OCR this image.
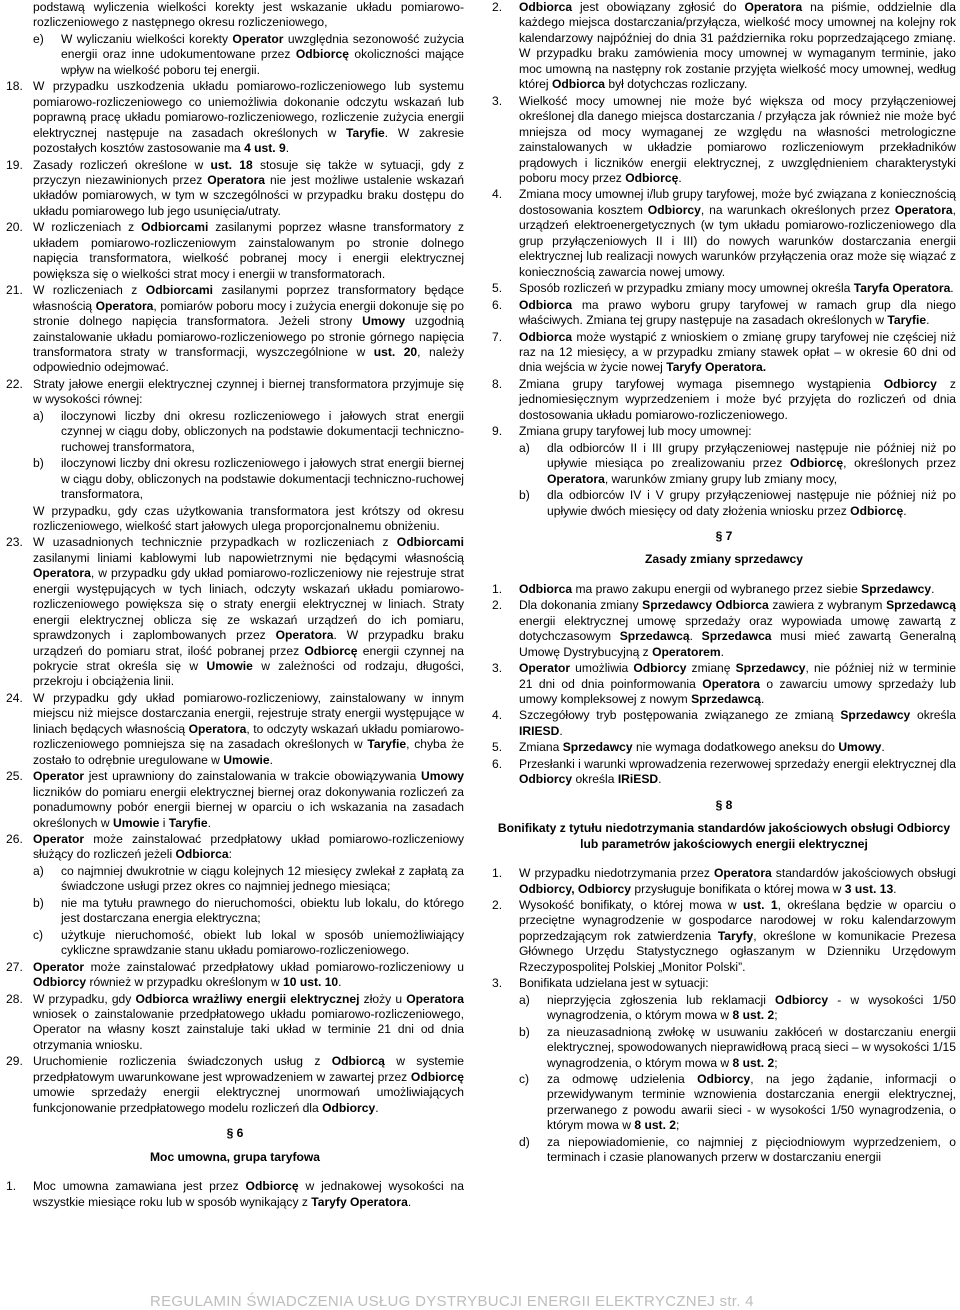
podstawą wyliczenia wielkości korekty jest wskazanie układu pomiarowo-rozliczeniowego z następnego okresu rozliczeniowego,
e)	W wyliczaniu wielkości korekty Operator uwzględnia sezonowość zużycia energii oraz inne udokumentowane przez Odbiorcę okoliczności mające wpływ na wielkość poboru tej energii.
18. W przypadku uszkodzenia układu pomiarowo-rozliczeniowego lub systemu pomiarowo-rozliczeniowego co uniemożliwia dokonanie odczytu wskazań lub poprawną pracę układu pomiarowo-rozliczeniowego, rozliczenie zużycia energii elektrycznej następuje na zasadach określonych w Taryfie. W zakresie pozostałych kosztów zastosowanie ma 4 ust. 9.
19. Zasady rozliczeń określone w ust. 18 stosuje się także w sytuacji, gdy z przyczyn niezawinionych przez Operatora nie jest możliwe ustalenie wskazań układów pomiarowych, w tym w szczególności w przypadku braku dostępu do układu pomiarowego lub jego usunięcia/utraty.
20. W rozliczeniach z Odbiorcami zasilanymi poprzez własne transformatory z układem pomiarowo-rozliczeniowym zainstalowanym po stronie dolnego napięcia transformatora, wielkość pobranej mocy i energii elektrycznej powiększa się o wielkości strat mocy i energii w transformatorach.
21. W rozliczeniach z Odbiorcami zasilanymi poprzez transformatory będące własnością Operatora, pomiarów poboru mocy i zużycia energii dokonuje się po stronie dolnego napięcia transformatora. Jeżeli strony Umowy uzgodnią zainstalowanie układu pomiarowo-rozliczeniowego po stronie górnego napięcia transformatora straty w transformacji, wyszczególnione w ust. 20, należy odpowiednio odejmować.
22. Straty jałowe energii elektrycznej czynnej i biernej transformatora przyjmuje się w wysokości równej:
a)	iloczynowi liczby dni okresu rozliczeniowego i jałowych strat energii czynnej w ciągu doby, obliczonych na podstawie dokumentacji techniczno-ruchowej transformatora,
b)	iloczynowi liczby dni okresu rozliczeniowego i jałowych strat energii biernej w ciągu doby, obliczonych na podstawie dokumentacji techniczno-ruchowej transformatora,
W przypadku, gdy czas użytkowania transformatora jest krótszy od okresu rozliczeniowego, wielkość start jałowych ulega proporcjonalnemu obniżeniu.
23. W uzasadnionych technicznie przypadkach w rozliczeniach z Odbiorcami zasilanymi liniami kablowymi lub napowietrznymi nie będącymi własnością Operatora, w przypadku gdy układ pomiarowo-rozliczeniowy nie rejestruje strat energii występujących w tych liniach, odczyty wskazań układu pomiarowo-rozliczeniowego powiększa się o straty energii elektrycznej w liniach. Straty energii elektrycznej oblicza się ze wskazań urządzeń do ich pomiaru, sprawdzonych i zaplombowanych przez Operatora. W przypadku braku urządzeń do pomiaru strat, ilość pobranej przez Odbiorcę energii czynnej na pokrycie strat określa się w Umowie w zależności od rodzaju, długości, przekroju i obciążenia linii.
24. W przypadku gdy układ pomiarowo-rozliczeniowy, zainstalowany w innym miejscu niż miejsce dostarczania energii, rejestruje straty energii występujące w liniach będących własnością Operatora, to odczyty wskazań układu pomiarowo-rozliczeniowego pomniejsza się na zasadach określonych w Taryfie, chyba że zostało to odrębnie uregulowane w Umowie.
25. Operator jest uprawniony do zainstalowania w trakcie obowiązywania Umowy liczników do pomiaru energii elektrycznej biernej oraz dokonywania rozliczeń za ponadumowny pobór energii biernej w oparciu o ich wskazania na zasadach określonych w Umowie i Taryfie.
26. Operator może zainstalować przedpłatowy układ pomiarowo-rozliczeniowy służący do rozliczeń jeżeli Odbiorca:
a)	co najmniej dwukrotnie w ciągu kolejnych 12 miesięcy zwlekał z zapłatą za świadczone usługi przez okres co najmniej jednego miesiąca;
b)	nie ma tytułu prawnego do nieruchomości, obiektu lub lokalu, do którego jest dostarczana energia elektryczna;
c)	użytkuje nieruchomość, obiekt lub lokal w sposób uniemożliwiający cykliczne sprawdzanie stanu układu pomiarowo-rozliczeniowego.
27. Operator może zainstalować przedpłatowy układ pomiarowo-rozliczeniowy u Odbiorcy również w przypadku określonym w 10 ust. 10.
28. W przypadku, gdy Odbiorca wrażliwy energii elektrycznej złoży u Operatora wniosek o zainstalowanie przedpłatowego układu pomiarowo-rozliczeniowego, Operator na własny koszt zainstaluje taki układ w terminie 21 dni od dnia otrzymania wniosku.
29. Uruchomienie rozliczenia świadczonych usług z Odbiorcą w systemie przedpłatowym uwarunkowane jest wprowadzeniem w zawartej przez Odbiorcę umowie sprzedaży energii elektrycznej unormowań umożliwiających funkcjonowanie przedpłatowego modelu rozliczeń dla Odbiorcy.
§ 6
Moc umowna, grupa taryfowa
1.	Moc umowna zamawiana jest przez Odbiorcę w jednakowej wysokości na wszystkie miesiące roku lub w sposób wynikający z Taryfy Operatora.
2.	Odbiorca jest obowiązany zgłosić do Operatora na piśmie, oddzielnie dla każdego miejsca dostarczania/przyłącza, wielkość mocy umownej na kolejny rok kalendarzowy najpóźniej do dnia 31 października roku poprzedzającego zmianę. W przypadku braku zamówienia mocy umownej w wymaganym terminie, jako moc umowną na następny rok zostanie przyjęta wielkość mocy umownej, według której Odbiorca był dotychczas rozliczany.
3.	Wielkość mocy umownej nie może być większa od mocy przyłączeniowej określonej dla danego miejsca dostarczania / przyłącza jak również nie może być mniejsza od mocy wymaganej ze względu na własności metrologiczne zainstalowanych w układzie pomiarowo rozliczeniowym przekładników prądowych i liczników energii elektrycznej, z uwzględnieniem charakterystyki poboru mocy przez Odbiorcę.
4.	Zmiana mocy umownej i/lub grupy taryfowej, może być związana z koniecznością dostosowania kosztem Odbiorcy, na warunkach określonych przez Operatora, urządzeń elektroenergetycznych (w tym układu pomiarowo-rozliczeniowego dla grup przyłączeniowych II i III) do nowych warunków dostarczania energii elektrycznej lub realizacji nowych warunków przyłączenia oraz może się wiązać z koniecznością zawarcia nowej umowy.
5.	Sposób rozliczeń w przypadku zmiany mocy umownej określa Taryfa Operatora.
6.	Odbiorca ma prawo wyboru grupy taryfowej w ramach grup dla niego właściwych. Zmiana tej grupy następuje na zasadach określonych w Taryfie.
7.	Odbiorca może wystąpić z wnioskiem o zmianę grupy taryfowej nie częściej niż raz na 12 miesięcy, a w przypadku zmiany stawek opłat – w okresie 60 dni od dnia wejścia w życie nowej Taryfy Operatora.
8.	Zmiana grupy taryfowej wymaga pisemnego wystąpienia Odbiorcy z jednomiesięcznym wyprzedzeniem i może być przyjęta do rozliczeń od dnia dostosowania układu pomiarowo-rozliczeniowego.
9.	Zmiana grupy taryfowej lub mocy umownej:
a)	dla odbiorców II i III grupy przyłączeniowej następuje nie później niż po upływie miesiąca po zrealizowaniu przez Odbiorcę, określonych przez Operatora, warunków zmiany grupy lub zmiany mocy,
b)	dla odbiorców IV i V grupy przyłączeniowej następuje nie później niż po upływie dwóch miesięcy od daty złożenia wniosku przez Odbiorcę.
§ 7
Zasady zmiany sprzedawcy
1.	Odbiorca ma prawo zakupu energii od wybranego przez siebie Sprzedawcy.
2.	Dla dokonania zmiany Sprzedawcy Odbiorca zawiera z wybranym Sprzedawcą energii elektrycznej umowę sprzedaży oraz wypowiada umowę zawartą z dotychczasowym Sprzedawcą. Sprzedawca musi mieć zawartą Generalną Umowę Dystrybucyjną z Operatorem.
3.	Operator umożliwia Odbiorcy zmianę Sprzedawcy, nie później niż w terminie 21 dni od dnia poinformowania Operatora o zawarciu umowy sprzedaży lub umowy kompleksowej z nowym Sprzedawcą.
4.	Szczegółowy tryb postępowania związanego ze zmianą Sprzedawcy określa IRIESD.
5.	Zmiana Sprzedawcy nie wymaga dodatkowego aneksu do Umowy.
6.	Przesłanki i warunki wprowadzenia rezerwowej sprzedaży energii elektrycznej dla Odbiorcy określa IRiESD.
§ 8
Bonifikaty z tytułu niedotrzymania standardów jakościowych obsługi Odbiorcy lub parametrów jakościowych energii elektrycznej
1.	W przypadku niedotrzymania przez Operatora standardów jakościowych obsługi Odbiorcy, Odbiorcy przysługuje bonifikata o której mowa w 3 ust. 13.
2.	Wysokość bonifikaty, o której mowa w ust. 1, określana będzie w oparciu o przeciętne wynagrodzenie w gospodarce narodowej w roku kalendarzowym poprzedzającym rok zatwierdzenia Taryfy, określone w komunikacie Prezesa Głównego Urzędu Statystycznego ogłaszanym w Dzienniku Urzędowym Rzeczypospolitej Polskiej „Monitor Polski”.
3.	Bonifikata udzielana jest w sytuacji:
a)	nieprzyjęcia zgłoszenia lub reklamacji Odbiorcy - w wysokości 1/50 wynagrodzenia, o którym mowa w 8 ust. 2;
b)	za nieuzasadnioną zwłokę w usuwaniu zakłóceń w dostarczaniu energii elektrycznej, spowodowanych nieprawidłową pracą sieci – w wysokości 1/15 wynagrodzenia, o którym mowa w 8 ust. 2;
c)	za odmowę udzielenia Odbiorcy, na jego żądanie, informacji o przewidywanym terminie wznowienia dostarczania energii elektrycznej, przerwanego z powodu awarii sieci - w wysokości 1/50 wynagrodzenia, o którym mowa w 8 ust. 2;
d)	za niepowiadomienie, co najmniej z pięciodniowym wyprzedzeniem, o terminach i czasie planowanych przerw w dostarczaniu energii
REGULAMIN ŚWIADCZENIA USŁUG DYSTRYBUCJI ENERGII ELEKTRYCZNEJ str. 4
